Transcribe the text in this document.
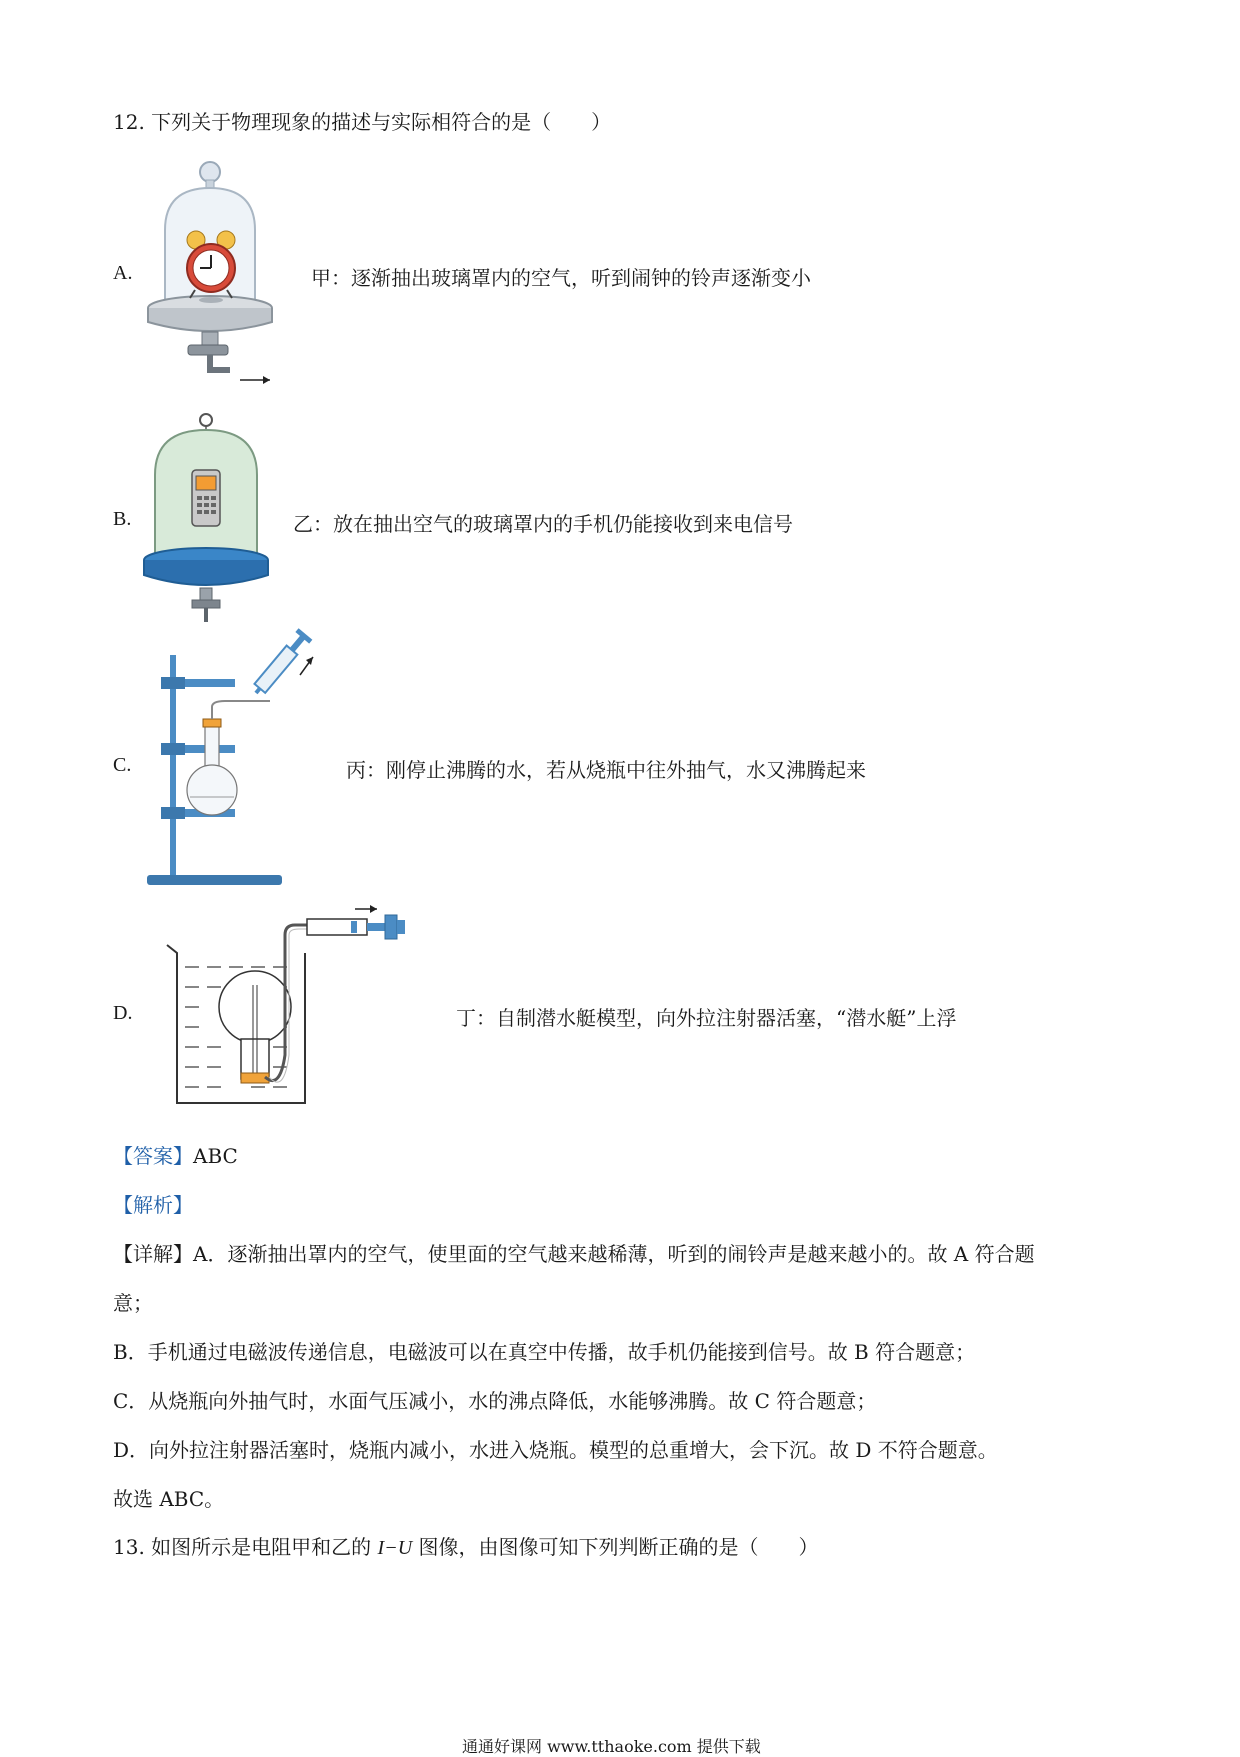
12. 下列关于物理现象的描述与实际相符合的是（　　）
A.	甲：逐渐抽出玻璃罩内的空气，听到闹钟的铃声逐渐变小
B.	乙：放在抽出空气的玻璃罩内的手机仍能接收到来电信号
C.	丙：刚停止沸腾的水，若从烧瓶中往外抽气，水又沸腾起来
D.	丁：自制潜水艇模型，向外拉注射器活塞，“潜水艇”上浮
【答案】ABC
【解析】
【详解】A．逐渐抽出罩内的空气，使里面的空气越来越稀薄，听到的闹铃声是越来越小的。故 A 符合题
意；
B．手机通过电磁波传递信息，电磁波可以在真空中传播，故手机仍能接到信号。故 B 符合题意；
C．从烧瓶向外抽气时，水面气压减小，水的沸点降低，水能够沸腾。故 C 符合题意；
D．向外拉注射器活塞时，烧瓶内减小，水进入烧瓶。模型的总重增大，会下沉。故 D 不符合题意。
故选 ABC。
13. 如图所示是电阻甲和乙的 I−U 图像，由图像可知下列判断正确的是（　　）
通通好课网 www.tthaoke.com 提供下载
